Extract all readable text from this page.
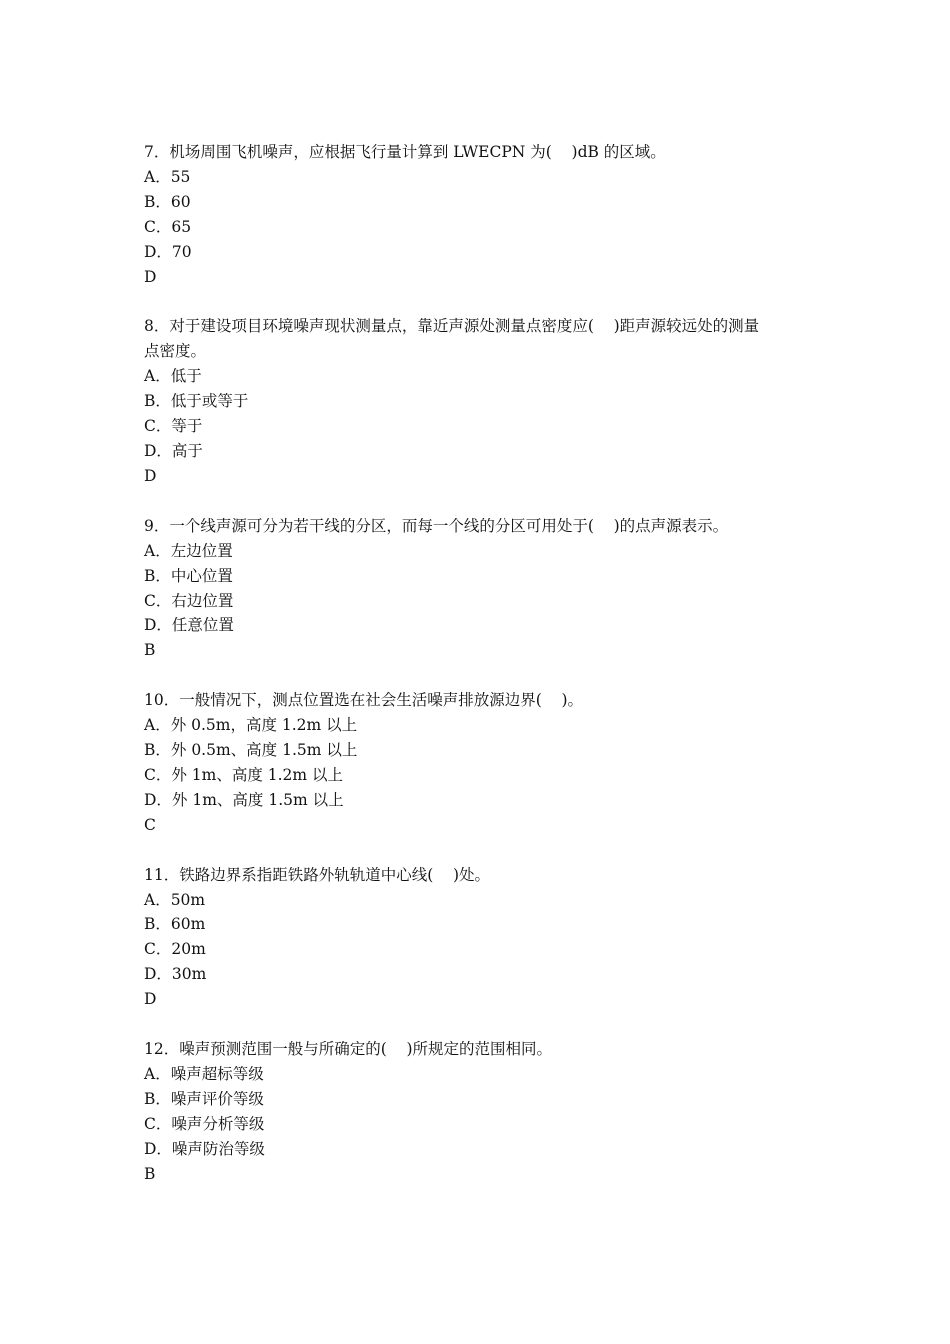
7．机场周围飞机噪声，应根据飞行量计算到 LWECPN 为(    )dB 的区域。

A．55

B．60

C．65

D．70

D

8．对于建设项目环境噪声现状测量点，靠近声源处测量点密度应(    )距声源较远处的测量

点密度。

A．低于

B．低于或等于

C．等于

D．高于

D

9．一个线声源可分为若干线的分区，而每一个线的分区可用处于(    )的点声源表示。

A．左边位置

B．中心位置

C．右边位置

D．任意位置

B

10．一般情况下，测点位置选在社会生活噪声排放源边界(    )。

A．外 0.5m，高度 1.2m 以上

B．外 0.5m、高度 1.5m 以上

C．外 1m、高度 1.2m 以上

D．外 1m、高度 1.5m 以上

C

11．铁路边界系指距铁路外轨轨道中心线(    )处。

A．50m

B．60m

C．20m

D．30m

D

12．噪声预测范围一般与所确定的(    )所规定的范围相同。

A．噪声超标等级

B．噪声评价等级

C．噪声分析等级

D．噪声防治等级

B
